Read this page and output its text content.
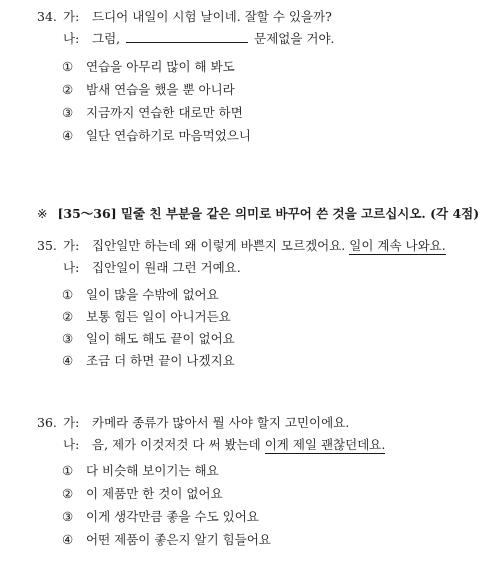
34. 가: 드디어 내일이 시험 날이네. 잘할 수 있을까?
나: 그럼,	문제없을 거야.
① 연습을 아무리 많이 해 봐도
② 밤새 연습을 했을 뿐 아니라
③ 지금까지 연습한 대로만 하면
④ 일단 연습하기로 마음먹었으니
※ [35～36] 밑줄 친 부분을 같은 의미로 바꾸어 쓴 것을 고르십시오. (각 4점)
35. 가: 집안일만 하는데 왜 이렇게 바쁜지 모르겠어요. 일이 계속 나와요.
나: 집안일이 원래 그런 거예요.
① 일이 많을 수밖에 없어요
② 보통 힘든 일이 아니거든요
③ 일이 해도 해도 끝이 없어요
④ 조금 더 하면 끝이 나겠지요
36. 가: 카메라 종류가 많아서 뭘 사야 할지 고민이에요.
나: 음, 제가 이것저것 다 써 봤는데 이게 제일 괜찮던데요.
① 다 비슷해 보이기는 해요
② 이 제품만 한 것이 없어요
③ 이게 생각만큼 좋을 수도 있어요
④ 어떤 제품이 좋은지 알기 힘들어요
